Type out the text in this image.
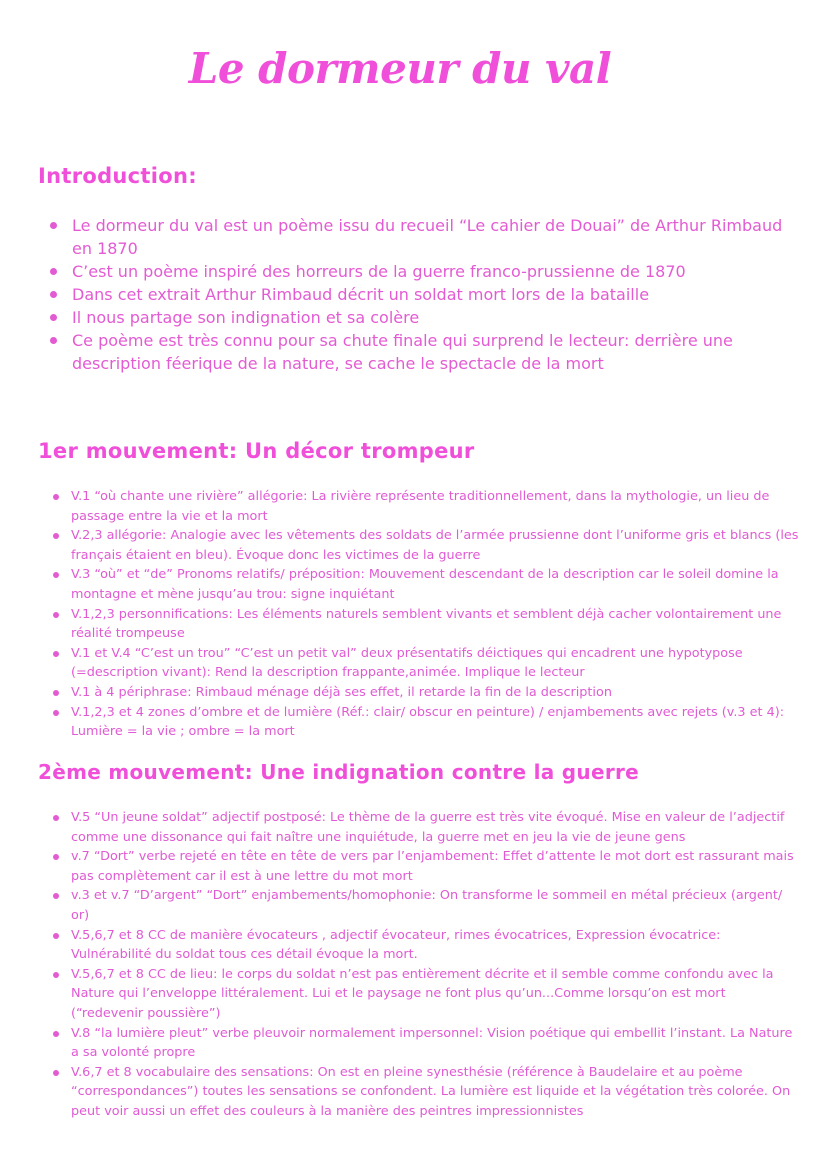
Le dormeur du val
Introduction:
Le dormeur du val est un poème issu du recueil “Le cahier de Douai” de Arthur Rimbaud en 1870
C’est un poème inspiré des horreurs de la guerre franco-prussienne de 1870
Dans cet extrait Arthur Rimbaud décrit un soldat mort lors de la bataille
Il nous partage son indignation et sa colère
Ce poème est très connu pour sa chute finale qui surprend le lecteur: derrière une description féerique de la nature, se cache le spectacle de la mort
1er mouvement: Un décor trompeur
V.1 “où chante une rivière” allégorie: La rivière représente traditionnellement, dans la mythologie, un lieu de passage entre la vie et la mort
V.2,3 allégorie: Analogie avec les vêtements des soldats de l’armée prussienne dont l’uniforme gris et blancs (les français étaient en bleu). Évoque donc les victimes de la guerre
V.3 “où” et “de” Pronoms relatifs/ préposition: Mouvement descendant de la description car le soleil domine la montagne et mène jusqu’au trou: signe inquiétant
V.1,2,3 personnifications: Les éléments naturels semblent vivants et semblent déjà cacher volontairement une réalité trompeuse
V.1 et V.4 “C’est un trou” “C’est un petit val” deux présentatifs déictiques qui encadrent une hypotypose (=description vivant): Rend la description frappante,animée. Implique le lecteur
V.1 à 4 périphrase: Rimbaud ménage déjà ses effet, il retarde la fin de la description
V.1,2,3 et 4 zones d’ombre et de lumière (Réf.: clair/ obscur en peinture) / enjambements avec rejets (v.3 et 4): Lumière = la vie ; ombre = la mort
2ème mouvement: Une indignation contre la guerre
V.5 “Un jeune soldat” adjectif postposé: Le thème de la guerre est très vite évoqué. Mise en valeur de l’adjectif comme une dissonance qui fait naître une inquiétude, la guerre met en jeu la vie de jeune gens
v.7 “Dort” verbe rejeté en tête en tête de vers par l’enjambement: Effet d’attente le mot dort est rassurant mais pas complètement car il est à une lettre du mot mort
v.3 et v.7 “D’argent” “Dort” enjambements/homophonie: On transforme le sommeil en métal précieux (argent/ or)
V.5,6,7 et 8 CC de manière évocateurs , adjectif évocateur, rimes évocatrices, Expression évocatrice: Vulnérabilité du soldat tous ces détail évoque la mort.
V.5,6,7 et 8 CC de lieu: le corps du soldat n’est pas entièrement décrite et il semble comme confondu avec la Nature qui l’enveloppe littéralement. Lui et le paysage ne font plus qu’un...Comme lorsqu’on est mort (“redevenir poussière”)
V.8 “la lumière pleut” verbe pleuvoir normalement impersonnel: Vision poétique qui embellit l’instant. La Nature a sa volonté propre
V.6,7 et 8 vocabulaire des sensations: On est en pleine synesthésie (référence à Baudelaire et au poème “correspondances”) toutes les sensations se confondent. La lumière est liquide et la végétation très colorée. On peut voir aussi un effet des couleurs à la manière des peintres impressionnistes
